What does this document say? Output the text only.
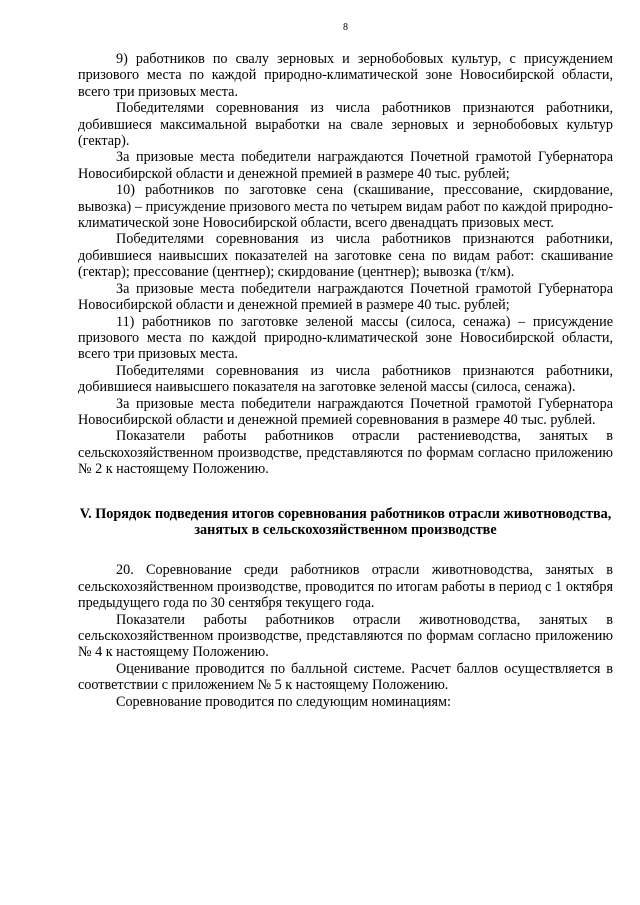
8

9) работников по свалу зерновых и зернобобовых культур, с присуждением призового места по каждой природно-климатической зоне Новосибирской области, всего три призовых места.

Победителями соревнования из числа работников признаются работники, добившиеся максимальной выработки на свале зерновых и зернобобовых культур (гектар).

За призовые места победители награждаются Почетной грамотой Губернатора Новосибирской области и денежной премией в размере 40 тыс. рублей;

10) работников по заготовке сена (скашивание, прессование, скирдование, вывозка) – присуждение призового места по четырем видам работ по каждой природно-климатической зоне Новосибирской области, всего двенадцать призовых мест.

Победителями соревнования из числа работников признаются работники, добившиеся наивысших показателей на заготовке сена по видам работ: скашивание (гектар); прессование (центнер); скирдование (центнер); вывозка (т/км).

За призовые места победители награждаются Почетной грамотой Губернатора Новосибирской области и денежной премией в размере 40 тыс. рублей;

11) работников по заготовке зеленой массы (силоса, сенажа) – присуждение призового места по каждой природно-климатической зоне Новосибирской области, всего три призовых места.

Победителями соревнования из числа работников признаются работники, добившиеся наивысшего показателя на заготовке зеленой массы (силоса, сенажа).

За призовые места победители награждаются Почетной грамотой Губернатора Новосибирской области и денежной премией соревнования в размере 40 тыс. рублей.

Показатели работы работников отрасли растениеводства, занятых в сельскохозяйственном производстве, представляются по формам согласно приложению № 2 к настоящему Положению.

V. Порядок подведения итогов соревнования работников отрасли животноводства, занятых в сельскохозяйственном производстве

20. Соревнование среди работников отрасли животноводства, занятых в сельскохозяйственном производстве, проводится по итогам работы в период с 1 октября предыдущего года по 30 сентября текущего года.

Показатели работы работников отрасли животноводства, занятых в сельскохозяйственном производстве, представляются по формам согласно приложению № 4 к настоящему Положению.

Оценивание проводится по балльной системе. Расчет баллов осуществляется в соответствии с приложением № 5 к настоящему Положению.

Соревнование проводится по следующим номинациям:
